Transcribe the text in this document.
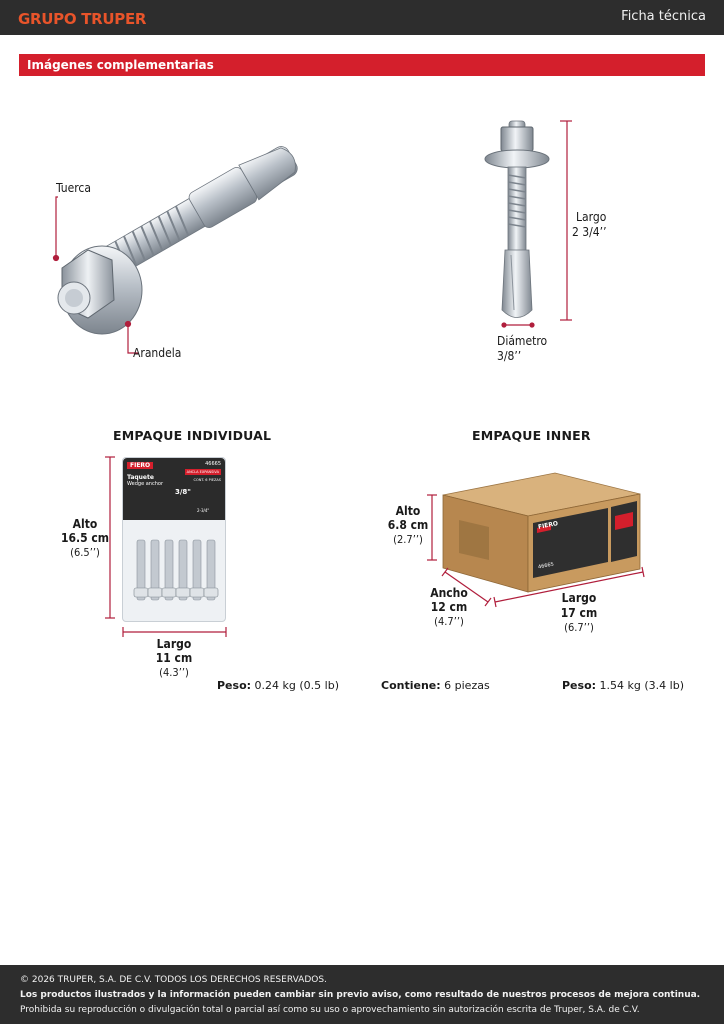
GRUPO TRUPER	Ficha técnica
Imágenes complementarias
Tuerca
Arandela
Largo
2 3/4’’
Diámetro
3/8’’
EMPAQUE INDIVIDUAL
FIERO	46665
ANCLA EXPANSIVA
Taquete
Wedge anchor
CONT. 6 PIEZAS
3/8"
2-3/4"
Alto
16.5 cm
(6.5’’)
Largo
11 cm
(4.3’’)
Peso: 0.24 kg (0.5 lb)
EMPAQUE INNER
FIERO
46665
Alto
6.8 cm
(2.7’’)
Ancho
12 cm
(4.7’’)
Largo
17 cm
(6.7’’)
Contiene: 6 piezas	Peso: 1.54 kg (3.4 lb)
© 2026 TRUPER, S.A. DE C.V. TODOS LOS DERECHOS RESERVADOS.
Los productos ilustrados y la información pueden cambiar sin previo aviso, como resultado de nuestros procesos de mejora continua.
Prohibida su reproducción o divulgación total o parcial así como su uso o aprovechamiento sin autorización escrita de Truper, S.A. de C.V.
